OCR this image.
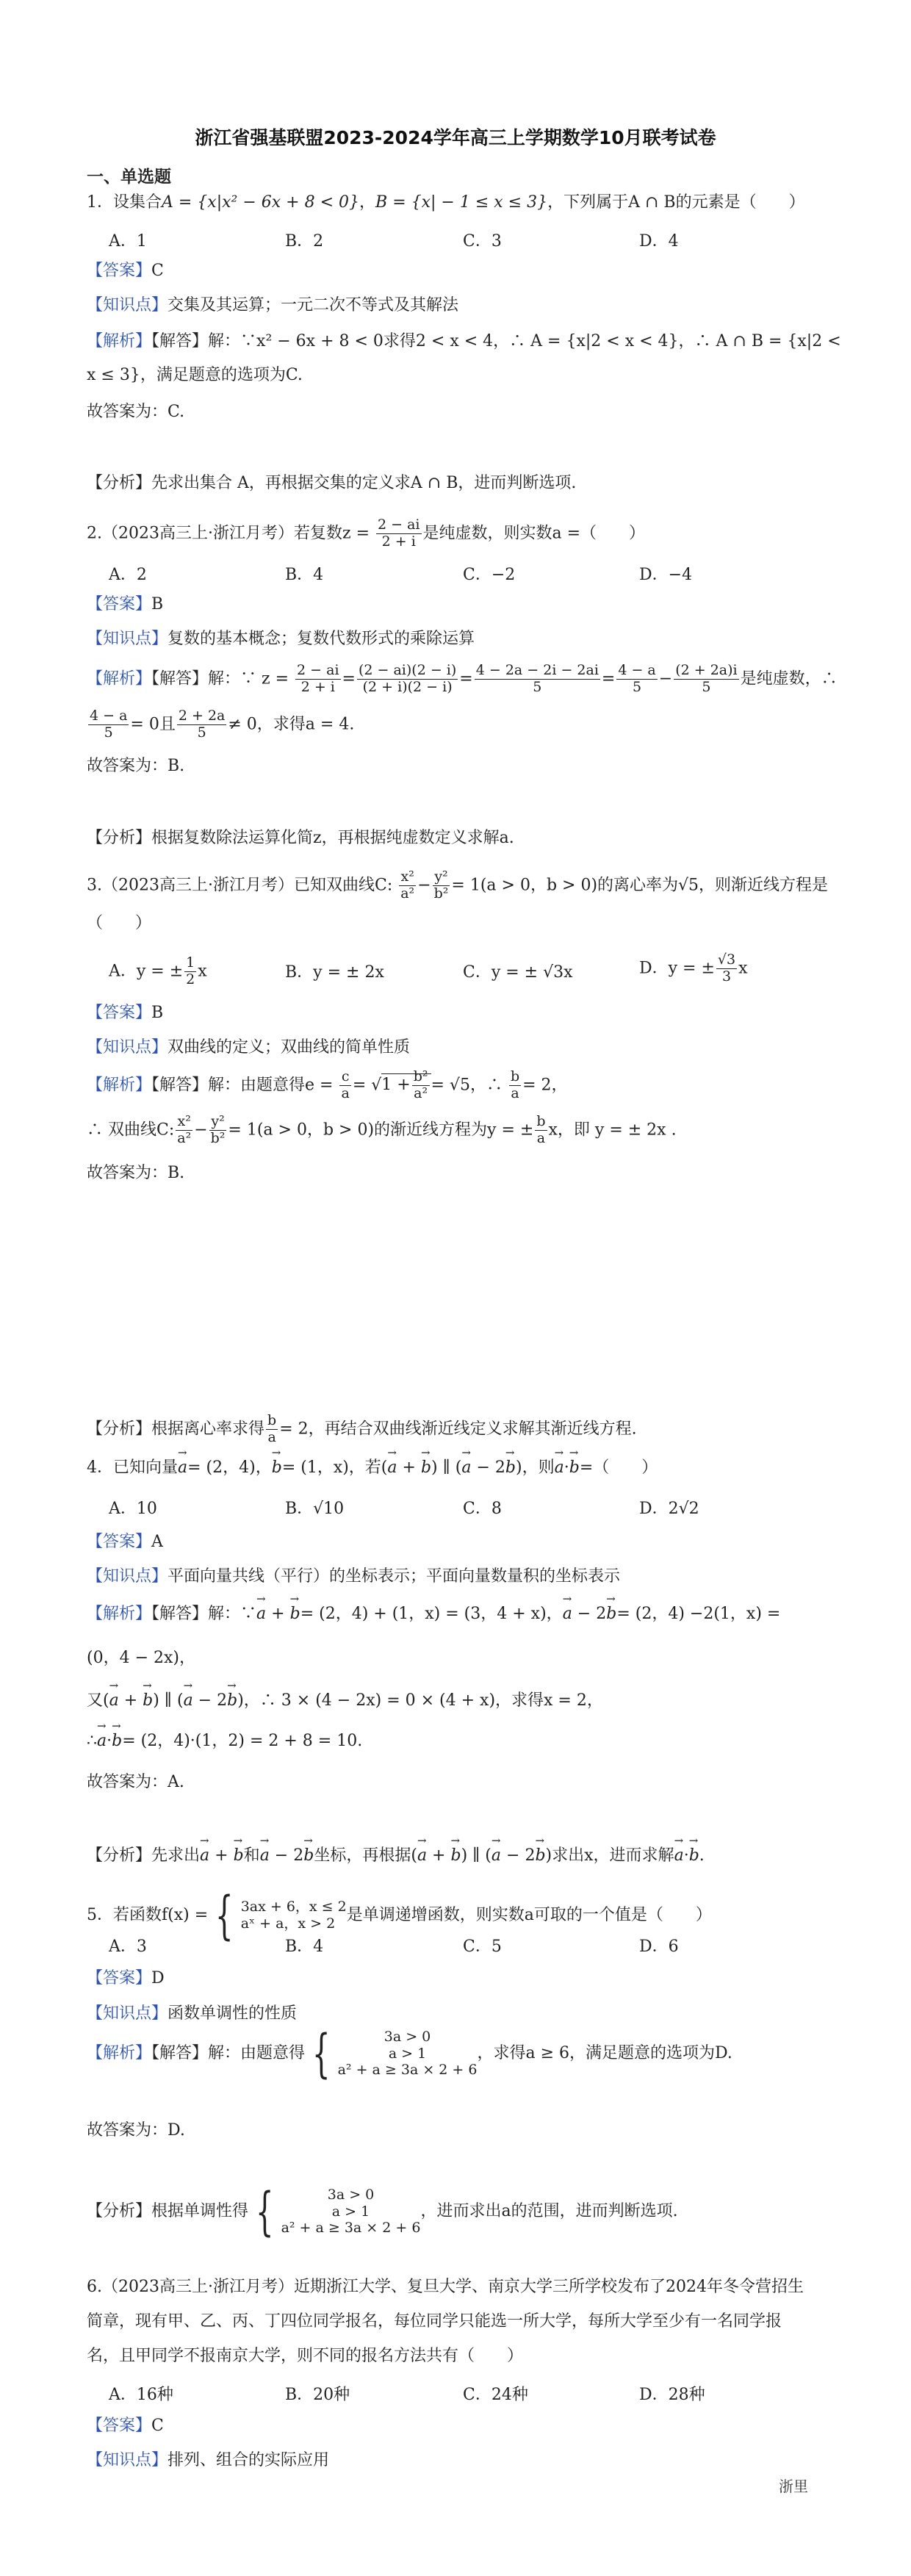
浙江省强基联盟2023-2024学年高三上学期数学10月联考试卷
一、单选题
1．设集合A = {x|x² − 6x + 8 < 0}，B = {x| − 1 ≤ x ≤ 3}，下列属于A ∩ B的元素是（　　）
A．1	B．2	C．3	D．4
【答案】C
【知识点】交集及其运算；一元二次不等式及其解法
【解析】【解答】解：∵x² − 6x + 8 < 0求得2 < x < 4，∴ A = {x|2 < x < 4}，∴ A ∩ B = {x|2 <
x ≤ 3}，满足题意的选项为C.
故答案为：C.
【分析】先求出集合 A，再根据交集的定义求A ∩ B，进而判断选项.
2.（2023高三上·浙江月考）若复数$z = \frac{2 - ai}{2 + i}$ 是纯虚数，则实数a =（　　）
A．2	B．4	C．−2	D．−4
【答案】B
【知识点】复数的基本概念；复数代数形式的乘除运算
【解析】【解答】解：∵ $z = \frac{2 - ai}{2 + i} = \frac{(2 - ai)(2 - i)}{(2 + i)(2 - i)} = \frac{4 - 2a - 2i - 2ai}{5} = \frac{4 - a}{5} - \frac{(2 + 2a)i}{5}$ 是纯虚数，∴
$\frac{4 - a}{5} = 0$且 $\frac{2 + 2a}{5} \ne 0$，求得a = 4.
故答案为：B.
【分析】根据复数除法运算化简z，再根据纯虚数定义求解a.
3.（2023高三上·浙江月考）已知双曲线C: $\frac{\text{x²}}{\text{a²}} - \frac{\text{y²}}{\text{b²}} = 1(a > 0$，b > 0)的离心率为√5，则渐近线方程是
（　　）
A．y = ± $\frac{1}{2}$ x	B．y = ± 2x	C．y = ± √3x	D．y = ± $\frac{√3}{3}$ x
【答案】B
【知识点】双曲线的定义；双曲线的简单性质
【解析】【解答】解：由题意得$e = \frac{c}{a} = √1 + \frac{\text{b²}}{\text{a²}} = √5$，∴ $\frac{b}{a} = 2$，
∴ 双曲线C: $\frac{\text{x²}}{\text{a²}} - \frac{\text{y²}}{\text{b²}} = 1(a > 0$，b > 0)的渐近线方程为y = ± $\frac{b}{a}$ x，即 y = ± 2x .
故答案为：B.
【分析】根据离心率求得 $\frac{b}{a} = 2$，再结合双曲线渐近线定义求解其渐近线方程.
4．已知向量→ a= (2，4)，→ b= (1，x)，若(→ a + → b) ∥ (→ a − 2→ b)，则→ a·→ b=（　　）
A．10	B．√10	C．8	D．2√2
【答案】A
【知识点】平面向量共线（平行）的坐标表示；平面向量数量积的坐标表示
【解析】【解答】解：∵→ a + → b= (2，4) + (1，x) = (3，4 + x)，→ a − 2→ b= (2，4) −2(1，x) =
(0，4 − 2x)，
又(→ a + → b) ∥ (→ a − 2→ b)，∴ 3 × (4 − 2x) = 0 × (4 + x)，求得x = 2，
∴→ a·→ b= (2，4)·(1，2) = 2 + 8 = 10.
故答案为：A.
【分析】先求出→ a + → b和→ a − 2→ b坐标，再根据(→ a + → b) ∥ (→ a − 2→ b)求出x，进而求解→ a·→ b.
5．若函数f(x) = { 3ax + 6，x ≤ 2
aˣ + a，x > 2 是单调递增函数，则实数a可取的一个值是（　　）
A．3	B．4	C．5	D．6
【答案】D
【知识点】函数单调性的性质
【解析】【解答】解：由题意得 {	3a > 0
a > 1
a² + a ≥ 3a × 2 + 6
，求得a ≥ 6，满足题意的选项为D.
故答案为：D.
【分析】根据单调性得 {	3a > 0
a > 1
a² + a ≥ 3a × 2 + 6
，进而求出a的范围，进而判断选项.
6.（2023高三上·浙江月考）近期浙江大学、复旦大学、南京大学三所学校发布了2024年冬令营招生
简章，现有甲、乙、丙、丁四位同学报名，每位同学只能选一所大学，每所大学至少有一名同学报
名，且甲同学不报南京大学，则不同的报名方法共有（　　）
A．16种	B．20种	C．24种	D．28种
【答案】C
【知识点】排列、组合的实际应用
浙里
